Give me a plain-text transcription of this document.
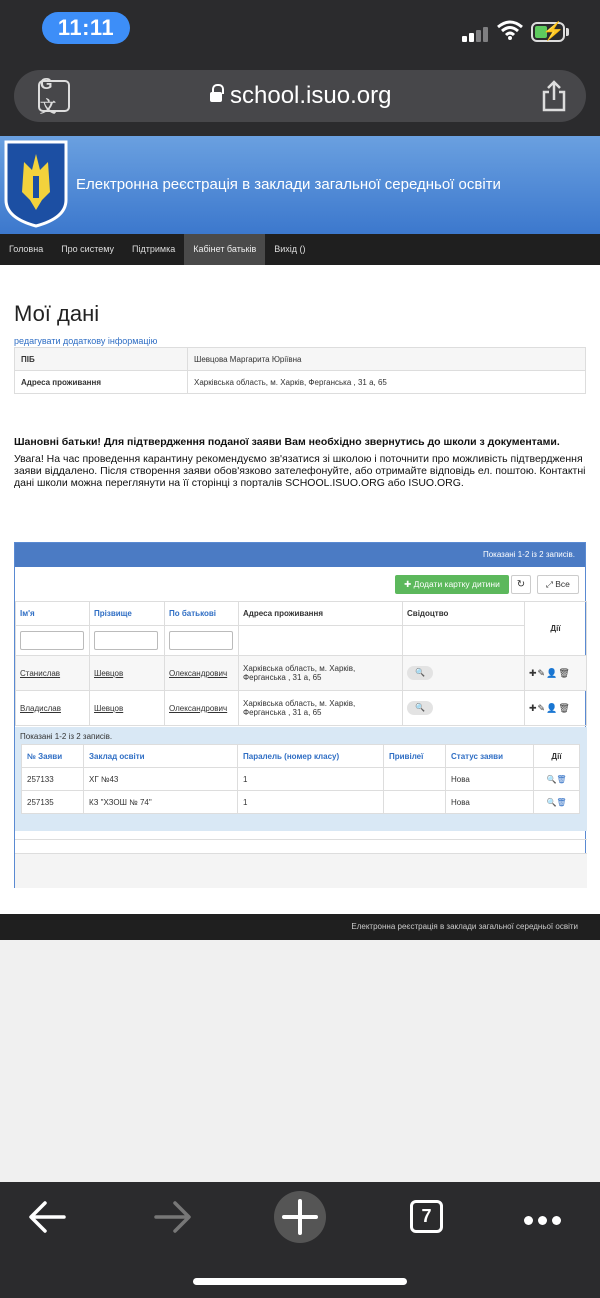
11:11	⚡
G文	school.isuo.org
Електронна реєстрація в заклади загальної середньої освіти
Головна	Про систему	Підтримка	Кабінет батьків	Вихід ()
Мої дані
редагувати додаткову інформацію
ПІБ	Шевцова Маргарита Юріївна
Адреса проживання	Харківська область, м. Харків, Ферганська , 31 а, 65
Шановні батьки! Для підтвердження поданої заяви Вам необхідно звернутись до школи з документами.
Увага! На час проведення карантину рекомендуємо зв'язатися зі школою і поточнити про можливість підтвердження заяви віддалено. Після створення заяви обов'язково зателефонуйте, або отримайте відповідь ел. поштою. Контактні дані школи можна переглянути на її сторінці з порталів SCHOOL.ISUO.ORG або ISUO.ORG.
Показані 1-2 із 2 записів.
✚ Додати картку дитини	↻	⤢ Все
Ім'я	Прізвище	По батькові	Адреса проживання	Свідоцтво	Дії

Станислав	Шевцов	Олександрович	Харківська область, м. Харків, Ферганська , 31 а, 65	🔍	✚✎👤🗑
Владислав	Шевцов	Олександрович	Харківська область, м. Харків, Ферганська , 31 а, 65	🔍	✚✎👤🗑
Показані 1-2 із 2 записів.
№ Заяви	Заклад освіти	Паралель (номер класу)	Привілеї	Статус заяви	Дії
257133	ХГ №43	1		Нова	🔍🗑
257135	КЗ "ХЗОШ № 74"	1		Нова	🔍🗑
Електронна реєстрація в заклади загальної середньої освіти
7
